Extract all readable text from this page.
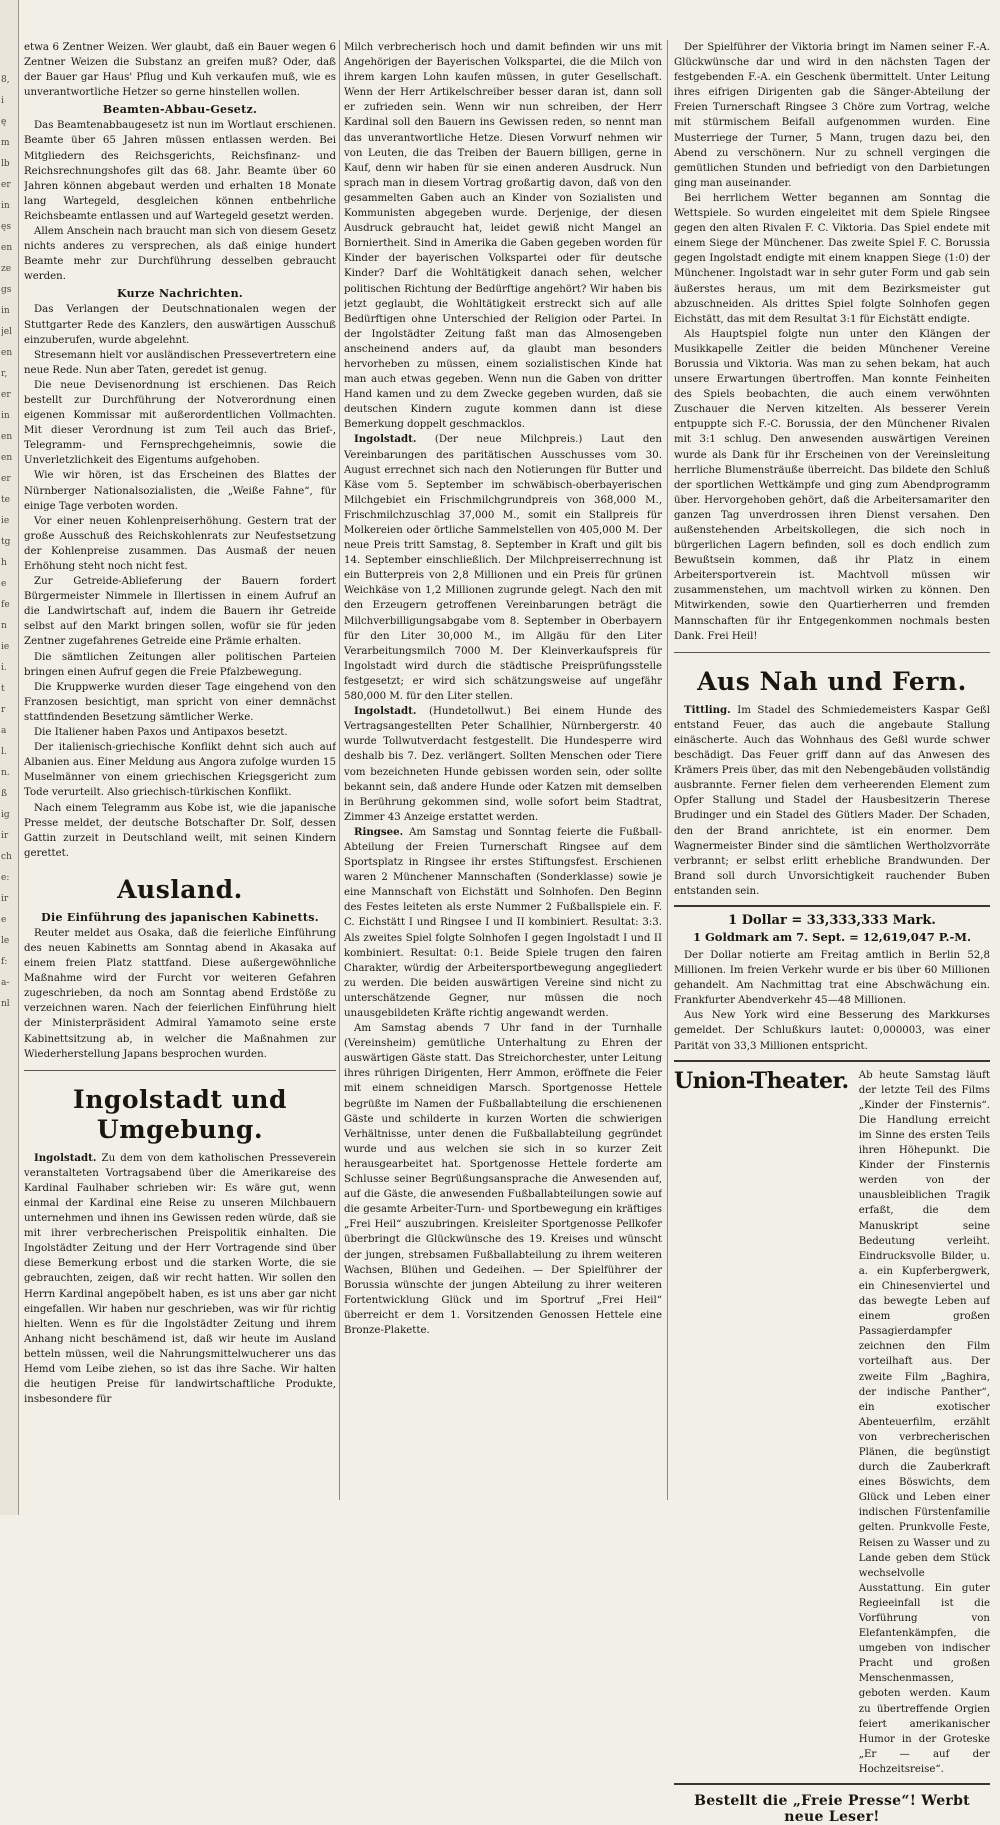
8,
i
ę
m
lb
er
in
ęs
en
ze
gs
in
jel
en
r,
er
in
en
en
er
te
ie
tg
h
e
fe
n
ie
i.
t
r
a
l.
n.
ß
ig
ir
ch
e:
ir
e
le
f:
a-
nl

etwa 6 Zentner Weizen. Wer glaubt, daß ein Bauer wegen 6 Zentner Weizen die Substanz an greifen muß? Oder, daß der Bauer gar Haus' Pflug und Kuh verkaufen muß, wie es unverantwortliche Hetzer so gerne hinstellen wollen.

Beamten-Abbau-Gesetz.

Das Beamtenabbaugesetz ist nun im Wortlaut erschienen. Beamte über 65 Jahren müssen entlassen werden. Bei Mitgliedern des Reichsgerichts, Reichsfinanz- und Reichsrechnungshofes gilt das 68. Jahr. Beamte über 60 Jahren können abgebaut werden und erhalten 18 Monate lang Wartegeld, desgleichen können entbehrliche Reichsbeamte entlassen und auf Wartegeld gesetzt werden.

Allem Anschein nach braucht man sich von diesem Gesetz nichts anderes zu versprechen, als daß einige hundert Beamte mehr zur Durchführung desselben gebraucht werden.

Kurze Nachrichten.

Das Verlangen der Deutschnationalen wegen der Stuttgarter Rede des Kanzlers, den auswärtigen Ausschuß einzuberufen, wurde abgelehnt.

Stresemann hielt vor ausländischen Pressevertretern eine neue Rede. Nun aber Taten, geredet ist genug.

Die neue Devisenordnung ist erschienen. Das Reich bestellt zur Durchführung der Notverordnung einen eigenen Kommissar mit außerordentlichen Vollmachten. Mit dieser Verordnung ist zum Teil auch das Brief-, Telegramm- und Fernsprechgeheimnis, sowie die Unverletzlichkeit des Eigentums aufgehoben.

Wie wir hören, ist das Erscheinen des Blattes der Nürnberger Nationalsozialisten, die „Weiße Fahne“, für einige Tage verboten worden.

Vor einer neuen Kohlenpreiserhöhung. Gestern trat der große Ausschuß des Reichskohlenrats zur Neufestsetzung der Kohlenpreise zusammen. Das Ausmaß der neuen Erhöhung steht noch nicht fest.

Zur Getreide-Ablieferung der Bauern fordert Bürgermeister Nimmele in Illertissen in einem Aufruf an die Landwirtschaft auf, indem die Bauern ihr Getreide selbst auf den Markt bringen sollen, wofür sie für jeden Zentner zugefahrenes Getreide eine Prämie erhalten.

Die sämtlichen Zeitungen aller politischen Parteien bringen einen Aufruf gegen die Freie Pfalzbewegung.

Die Kruppwerke wurden dieser Tage eingehend von den Franzosen besichtigt, man spricht von einer demnächst stattfindenden Besetzung sämtlicher Werke.

Die Italiener haben Paxos und Antipaxos besetzt.

Der italienisch-griechische Konflikt dehnt sich auch auf Albanien aus. Einer Meldung aus Angora zufolge wurden 15 Muselmänner von einem griechischen Kriegsgericht zum Tode verurteilt. Also griechisch-türkischen Konflikt.

Nach einem Telegramm aus Kobe ist, wie die japanische Presse meldet, der deutsche Botschafter Dr. Solf, dessen Gattin zurzeit in Deutschland weilt, mit seinen Kindern gerettet.

Ausland.
Die Einführung des japanischen Kabinetts.

Reuter meldet aus Osaka, daß die feierliche Einführung des neuen Kabinetts am Sonntag abend in Akasaka auf einem freien Platz stattfand. Diese außergewöhnliche Maßnahme wird der Furcht vor weiteren Gefahren zugeschrieben, da noch am Sonntag abend Erdstöße zu verzeichnen waren. Nach der feierlichen Einführung hielt der Ministerpräsident Admiral Yamamoto seine erste Kabinettsitzung ab, in welcher die Maßnahmen zur Wiederherstellung Japans besprochen wurden.

Ingolstadt und Umgebung.

Ingolstadt. Zu dem von dem katholischen Presseverein veranstalteten Vortragsabend über die Amerikareise des Kardinal Faulhaber schrieben wir: Es wäre gut, wenn einmal der Kardinal eine Reise zu unseren Milchbauern unternehmen und ihnen ins Gewissen reden würde, daß sie mit ihrer verbrecherischen Preispolitik einhalten. Die Ingolstädter Zeitung und der Herr Vortragende sind über diese Bemerkung erbost und die starken Worte, die sie gebrauchten, zeigen, daß wir recht hatten. Wir sollen den Herrn Kardinal angepöbelt haben, es ist uns aber gar nicht eingefallen. Wir haben nur geschrieben, was wir für richtig hielten. Wenn es für die Ingolstädter Zeitung und ihrem Anhang nicht beschämend ist, daß wir heute im Ausland betteln müssen, weil die Nahrungsmittelwucherer uns das Hemd vom Leibe ziehen, so ist das ihre Sache. Wir halten die heutigen Preise für landwirtschaftliche Produkte, insbesondere für

Milch verbrecherisch hoch und damit befinden wir uns mit Angehörigen der Bayerischen Volkspartei, die die Milch von ihrem kargen Lohn kaufen müssen, in guter Gesellschaft. Wenn der Herr Artikelschreiber besser daran ist, dann soll er zufrieden sein. Wenn wir nun schreiben, der Herr Kardinal soll den Bauern ins Gewissen reden, so nennt man das unverantwortliche Hetze. Diesen Vorwurf nehmen wir von Leuten, die das Treiben der Bauern billigen, gerne in Kauf, denn wir haben für sie einen anderen Ausdruck. Nun sprach man in diesem Vortrag großartig davon, daß von den gesammelten Gaben auch an Kinder von Sozialisten und Kommunisten abgegeben wurde. Derjenige, der diesen Ausdruck gebraucht hat, leidet gewiß nicht Mangel an Borniertheit. Sind in Amerika die Gaben gegeben worden für Kinder der bayerischen Volkspartei oder für deutsche Kinder? Darf die Wohltätigkeit danach sehen, welcher politischen Richtung der Bedürftige angehört? Wir haben bis jetzt geglaubt, die Wohltätigkeit erstreckt sich auf alle Bedürftigen ohne Unterschied der Religion oder Partei. In der Ingolstädter Zeitung faßt man das Almosengeben anscheinend anders auf, da glaubt man besonders hervorheben zu müssen, einem sozialistischen Kinde hat man auch etwas gegeben. Wenn nun die Gaben von dritter Hand kamen und zu dem Zwecke gegeben wurden, daß sie deutschen Kindern zugute kommen dann ist diese Bemerkung doppelt geschmacklos.

Ingolstadt. (Der neue Milchpreis.) Laut den Vereinbarungen des paritätischen Ausschusses vom 30. August errechnet sich nach den Notierungen für Butter und Käse vom 5. September im schwäbisch-oberbayerischen Milchgebiet ein Frischmilchgrundpreis von 368,000 M., Frischmilchzuschlag 37,000 M., somit ein Stallpreis für Molkereien oder örtliche Sammelstellen von 405,000 M. Der neue Preis tritt Samstag, 8. September in Kraft und gilt bis 14. September einschließlich. Der Milchpreiserrechnung ist ein Butterpreis von 2,8 Millionen und ein Preis für grünen Weichkäse von 1,2 Millionen zugrunde gelegt. Nach den mit den Erzeugern getroffenen Vereinbarungen beträgt die Milchverbilligungsabgabe vom 8. September in Oberbayern für den Liter 30,000 M., im Allgäu für den Liter Verarbeitungsmilch 7000 M. Der Kleinverkaufspreis für Ingolstadt wird durch die städtische Preisprüfungsstelle festgesetzt; er wird sich schätzungsweise auf ungefähr 580,000 M. für den Liter stellen.

Ingolstadt. (Hundetollwut.) Bei einem Hunde des Vertragsangestellten Peter Schallhier, Nürnbergerstr. 40 wurde Tollwutverdacht festgestellt. Die Hundesperre wird deshalb bis 7. Dez. verlängert. Sollten Menschen oder Tiere vom bezeichneten Hunde gebissen worden sein, oder sollte bekannt sein, daß andere Hunde oder Katzen mit demselben in Berührung gekommen sind, wolle sofort beim Stadtrat, Zimmer 43 Anzeige erstattet werden.

Ringsee. Am Samstag und Sonntag feierte die Fußball-Abteilung der Freien Turnerschaft Ringsee auf dem Sportsplatz in Ringsee ihr erstes Stiftungsfest. Erschienen waren 2 Münchener Mannschaften (Sonderklasse) sowie je eine Mannschaft von Eichstätt und Solnhofen. Den Beginn des Festes leiteten als erste Nummer 2 Fußballspiele ein. F. C. Eichstätt I und Ringsee I und II kombiniert. Resultat: 3:3. Als zweites Spiel folgte Solnhofen I gegen Ingolstadt I und II kombiniert. Resultat: 0:1. Beide Spiele trugen den fairen Charakter, würdig der Arbeitersportbewegung angegliedert zu werden. Die beiden auswärtigen Vereine sind nicht zu unterschätzende Gegner, nur müssen die noch unausgebildeten Kräfte richtig angewandt werden.

Am Samstag abends 7 Uhr fand in der Turnhalle (Vereinsheim) gemütliche Unterhaltung zu Ehren der auswärtigen Gäste statt. Das Streichorchester, unter Leitung ihres rührigen Dirigenten, Herr Ammon, eröffnete die Feier mit einem schneidigen Marsch. Sportgenosse Hettele begrüßte im Namen der Fußballabteilung die erschienenen Gäste und schilderte in kurzen Worten die schwierigen Verhältnisse, unter denen die Fußballabteilung gegründet wurde und aus welchen sie sich in so kurzer Zeit herausgearbeitet hat. Sportgenosse Hettele forderte am Schlusse seiner Begrüßungsansprache die Anwesenden auf, auf die Gäste, die anwesenden Fußballabteilungen sowie auf die gesamte Arbeiter-Turn- und Sportbewegung ein kräftiges „Frei Heil“ auszubringen. Kreisleiter Sportgenosse Pellkofer überbringt die Glückwünsche des 19. Kreises und wünscht der jungen, strebsamen Fußballabteilung zu ihrem weiteren Wachsen, Blühen und Gedeihen. — Der Spielführer der Borussia wünschte der jungen Abteilung zu ihrer weiteren Fortentwicklung Glück und im Sportruf „Frei Heil“ überreicht er dem 1. Vorsitzenden Genossen Hettele eine Bronze-Plakette.

Der Spielführer der Viktoria bringt im Namen seiner F.-A. Glückwünsche dar und wird in den nächsten Tagen der festgebenden F.-A. ein Geschenk übermittelt. Unter Leitung ihres eifrigen Dirigenten gab die Sänger-Abteilung der Freien Turnerschaft Ringsee 3 Chöre zum Vortrag, welche mit stürmischem Beifall aufgenommen wurden. Eine Musterriege der Turner, 5 Mann, trugen dazu bei, den Abend zu verschönern. Nur zu schnell vergingen die gemütlichen Stunden und befriedigt von den Darbietungen ging man auseinander.

Bei herrlichem Wetter begannen am Sonntag die Wettspiele. So wurden eingeleitet mit dem Spiele Ringsee gegen den alten Rivalen F. C. Viktoria. Das Spiel endete mit einem Siege der Münchener. Das zweite Spiel F. C. Borussia gegen Ingolstadt endigte mit einem knappen Siege (1:0) der Münchener. Ingolstadt war in sehr guter Form und gab sein äußerstes heraus, um mit dem Bezirksmeister gut abzuschneiden. Als drittes Spiel folgte Solnhofen gegen Eichstätt, das mit dem Resultat 3:1 für Eichstätt endigte.

Als Hauptspiel folgte nun unter den Klängen der Musikkapelle Zeitler die beiden Münchener Vereine Borussia und Viktoria. Was man zu sehen bekam, hat auch unsere Erwartungen übertroffen. Man konnte Feinheiten des Spiels beobachten, die auch einem verwöhnten Zuschauer die Nerven kitzelten. Als besserer Verein entpuppte sich F.-C. Borussia, der den Münchener Rivalen mit 3:1 schlug. Den anwesenden auswärtigen Vereinen wurde als Dank für ihr Erscheinen von der Vereinsleitung herrliche Blumensträuße überreicht. Das bildete den Schluß der sportlichen Wettkämpfe und ging zum Abendprogramm über. Hervorgehoben gehört, daß die Arbeitersamariter den ganzen Tag unverdrossen ihren Dienst versahen. Den außenstehenden Arbeitskollegen, die sich noch in bürgerlichen Lagern befinden, soll es doch endlich zum Bewußtsein kommen, daß ihr Platz in einem Arbeitersportverein ist. Machtvoll müssen wir zusammenstehen, um machtvoll wirken zu können. Den Mitwirkenden, sowie den Quartierherren und fremden Mannschaften für ihr Entgegenkommen nochmals besten Dank. Frei Heil!

Aus Nah und Fern.

Tittling. Im Stadel des Schmiedemeisters Kaspar Geßl entstand Feuer, das auch die angebaute Stallung einäscherte. Auch das Wohnhaus des Geßl wurde schwer beschädigt. Das Feuer griff dann auf das Anwesen des Krämers Preis über, das mit den Nebengebäuden vollständig ausbrannte. Ferner fielen dem verheerenden Element zum Opfer Stallung und Stadel der Hausbesitzerin Therese Brudinger und ein Stadel des Gütlers Mader. Der Schaden, den der Brand anrichtete, ist ein enormer. Dem Wagnermeister Binder sind die sämtlichen Wertholzvorräte verbrannt; er selbst erlitt erhebliche Brandwunden. Der Brand soll durch Unvorsichtigkeit rauchender Buben entstanden sein.

1 Dollar = 33,333,333 Mark.
1 Goldmark am 7. Sept. = 12,619,047 P.-M.

Der Dollar notierte am Freitag amtlich in Berlin 52,8 Millionen. Im freien Verkehr wurde er bis über 60 Millionen gehandelt. Am Nachmittag trat eine Abschwächung ein. Frankfurter Abendverkehr 45—48 Millionen.

Aus New York wird eine Besserung des Markkurses gemeldet. Der Schlußkurs lautet: 0,000003, was einer Parität von 33,3 Millionen entspricht.

Union-Theater. Ab heute Samstag läuft der letzte Teil des Films „Kinder der Finsternis“. Die Handlung erreicht im Sinne des ersten Teils ihren Höhepunkt. Die Kinder der Finsternis werden von der unausbleiblichen Tragik erfaßt, die dem Manuskript seine Bedeutung verleiht. Eindrucksvolle Bilder, u. a. ein Kupferbergwerk, ein Chinesenviertel und das bewegte Leben auf einem großen Passagierdampfer zeichnen den Film vorteilhaft aus. Der zweite Film „Baghira, der indische Panther“, ein exotischer Abenteuerfilm, erzählt von verbrecherischen Plänen, die begünstigt durch die Zauberkraft eines Böswichts, dem Glück und Leben einer indischen Fürstenfamilie gelten. Prunkvolle Feste, Reisen zu Wasser und zu Lande geben dem Stück wechselvolle Ausstattung. Ein guter Regieeinfall ist die Vorführung von Elefantenkämpfen, die umgeben von indischer Pracht und großen Menschenmassen, geboten werden. Kaum zu übertreffende Orgien feiert amerikanischer Humor in der Groteske „Er — auf der Hochzeitsreise“.
Bestellt die „Freie Presse“! Werbt neue Leser!
